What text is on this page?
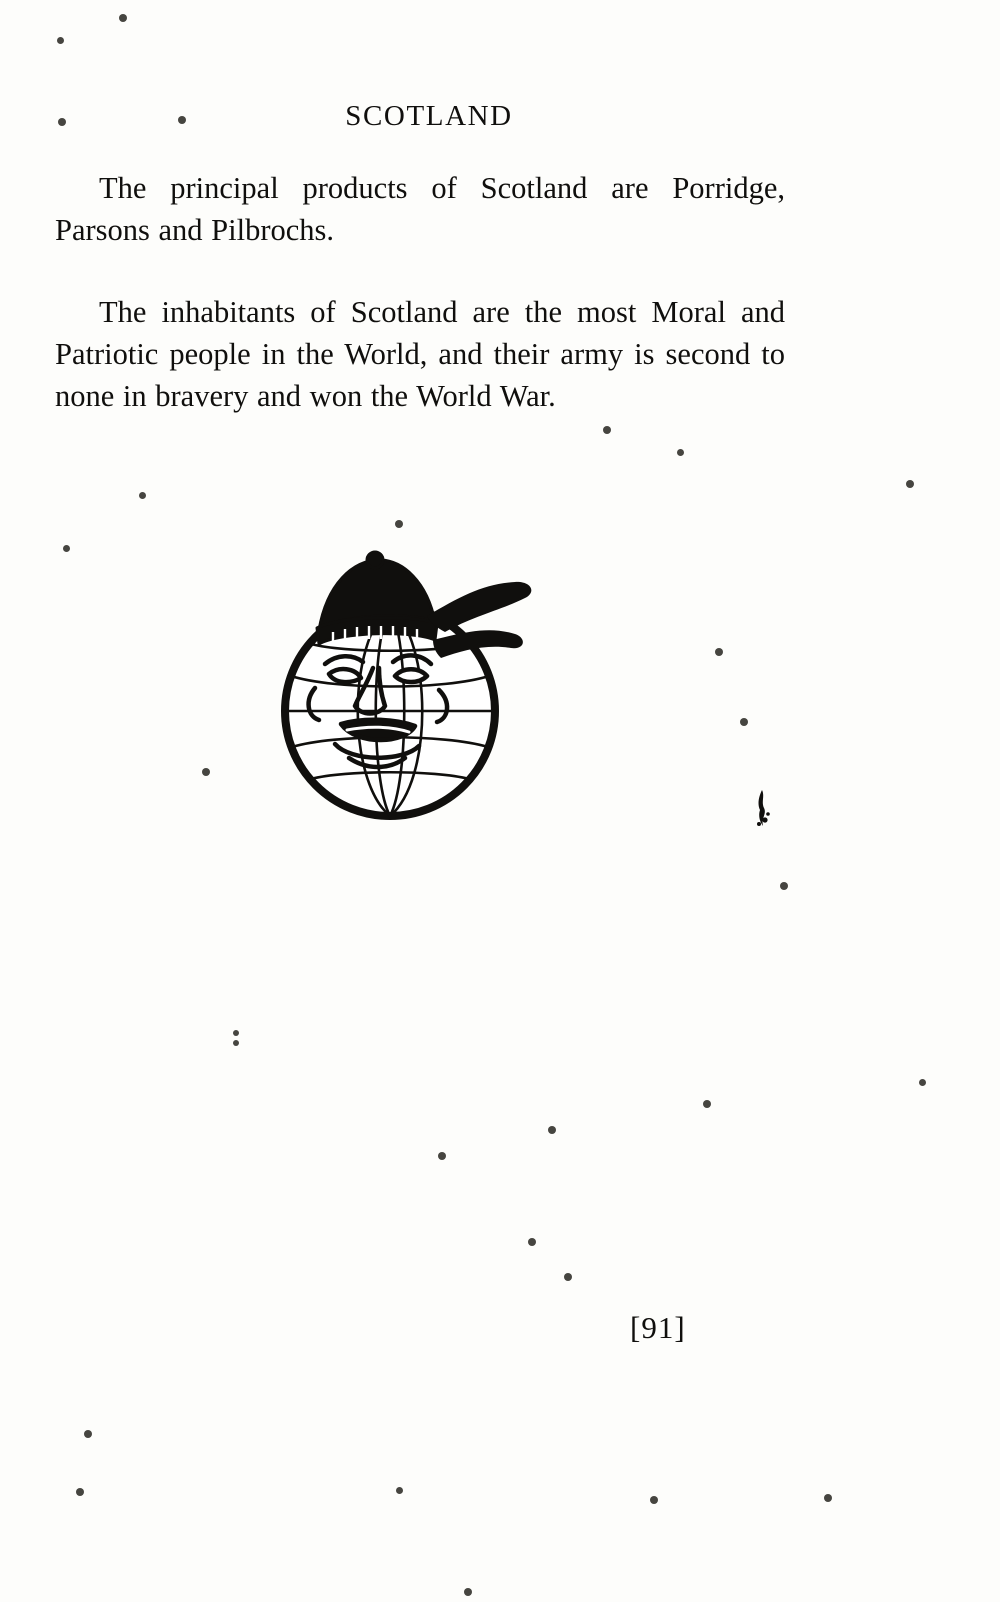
SCOTLAND

The principal products of Scotland are Porridge, Parsons and Pilbrochs.

The inhabitants of Scotland are the most Moral and Patriotic people in the World, and their army is second to none in bravery and won the World War.

[91]
